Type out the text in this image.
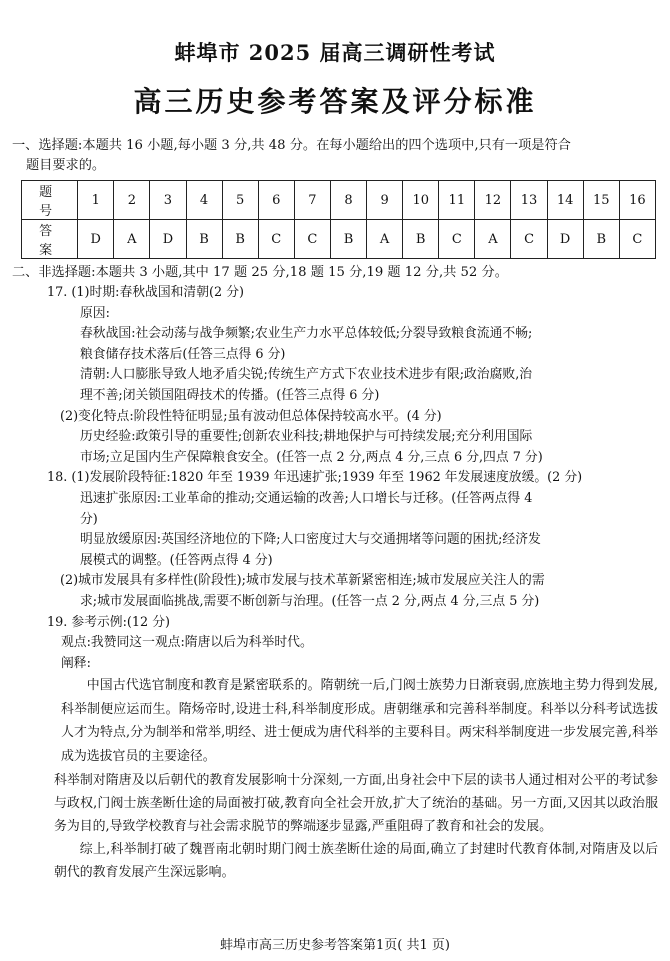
蚌埠市 2025 届高三调研性考试
高三历史参考答案及评分标准
一、选择题:本题共 16 小题,每小题 3 分,共 48 分。在每小题给出的四个选项中,只有一项是符合
题目要求的。
题　号	1	2	3	4	5	6	7	8	9	10	11	12	13	14	15	16
答　案	D	A	D	B	B	C	C	B	A	B	C	A	C	D	B	C

二、非选择题:本题共 3 小题,其中 17 题 25 分,18 题 15 分,19 题 12 分,共 52 分。

17. (1)时期:春秋战国和清朝(2 分)

原因:

春秋战国:社会动荡与战争频繁;农业生产力水平总体较低;分裂导致粮食流通不畅;

粮食储存技术落后(任答三点得 6 分)

清朝:人口膨胀导致人地矛盾尖锐;传统生产方式下农业技术进步有限;政治腐败,治

理不善;闭关锁国阻碍技术的传播。(任答三点得 6 分)

(2)变化特点:阶段性特征明显;虽有波动但总体保持较高水平。(4 分)

历史经验:政策引导的重要性;创新农业科技;耕地保护与可持续发展;充分利用国际

市场;立足国内生产保障粮食安全。(任答一点 2 分,两点 4 分,三点 6 分,四点 7 分)

18. (1)发展阶段特征:1820 年至 1939 年迅速扩张;1939 年至 1962 年发展速度放缓。(2 分)

迅速扩张原因:工业革命的推动;交通运输的改善;人口增长与迁移。(任答两点得 4

分)

明显放缓原因:英国经济地位的下降;人口密度过大与交通拥堵等问题的困扰;经济发

展模式的调整。(任答两点得 4 分)

(2)城市发展具有多样性(阶段性);城市发展与技术革新紧密相连;城市发展应关注人的需

求;城市发展面临挑战,需要不断创新与治理。(任答一点 2 分,两点 4 分,三点 5 分)

19. 参考示例:(12 分)

观点:我赞同这一观点:隋唐以后为科举时代。

阐释:

中国古代选官制度和教育是紧密联系的。隋朝统一后,门阀士族势力日渐衰弱,庶族地主势力得到发展,科举制便应运而生。隋炀帝时,设进士科,科举制度形成。唐朝继承和完善科举制度。科举以分科考试选拔人才为特点,分为制举和常举,明经、进士便成为唐代科举的主要科目。两宋科举制度进一步发展完善,科举成为选拔官员的主要途径。

科举制对隋唐及以后朝代的教育发展影响十分深刻,一方面,出身社会中下层的读书人通过相对公平的考试参与政权,门阀士族垄断仕途的局面被打破,教育向全社会开放,扩大了统治的基础。另一方面,又因其以政治服务为目的,导致学校教育与社会需求脱节的弊端逐步显露,严重阻碍了教育和社会的发展。

综上,科举制打破了魏晋南北朝时期门阀士族垄断仕途的局面,确立了封建时代教育体制,对隋唐及以后朝代的教育发展产生深远影响。

蚌埠市高三历史参考答案第1页( 共1 页)
